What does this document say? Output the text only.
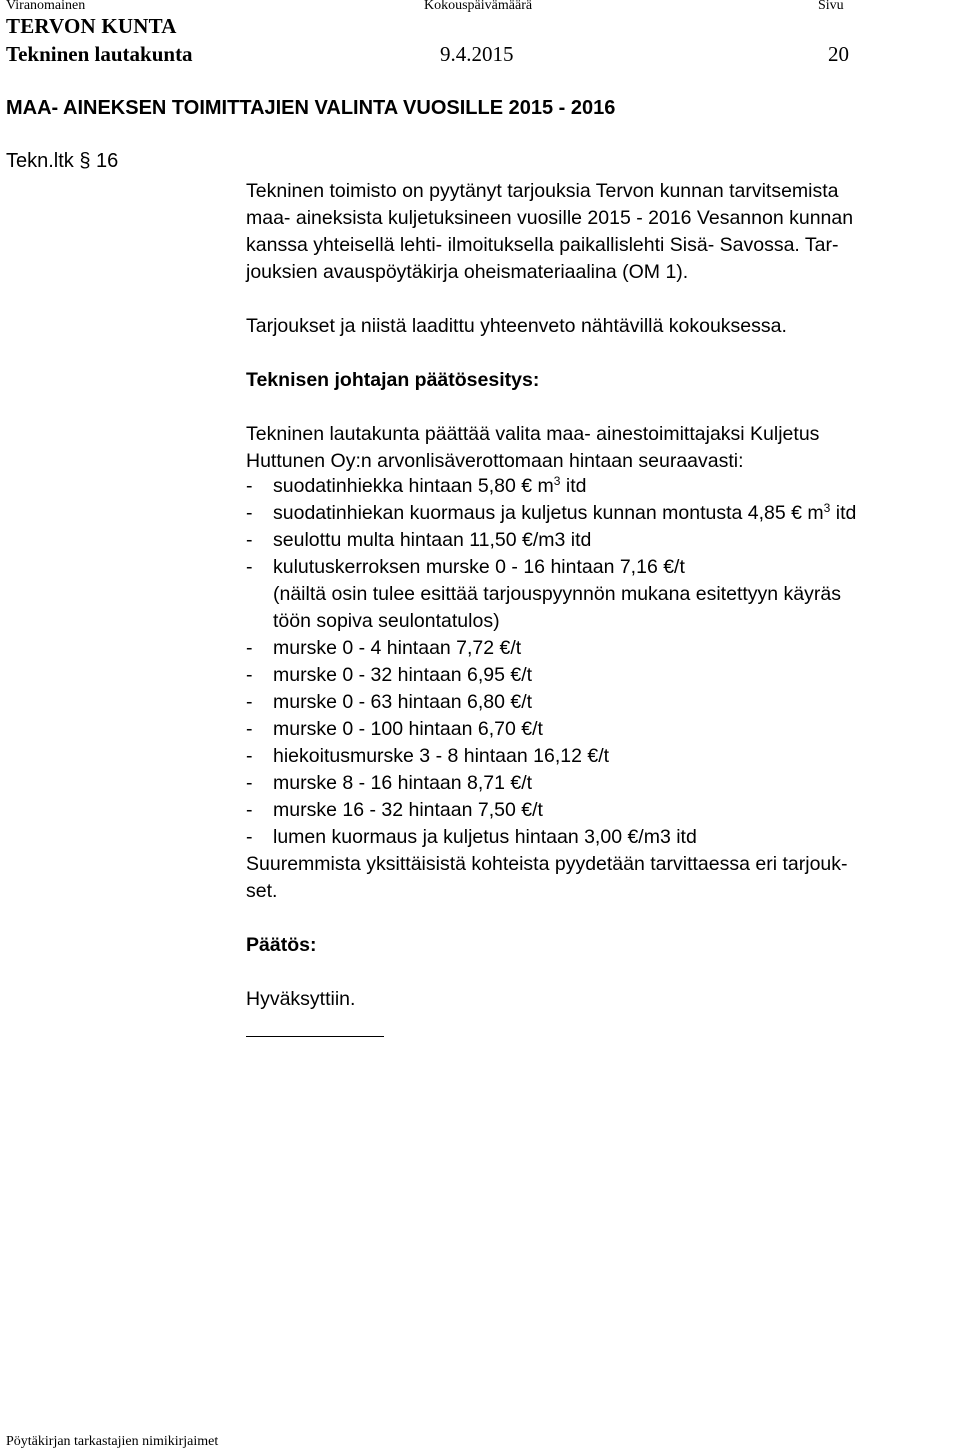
Viranomainen	Kokouspäivämäärä	Sivu
TERVON KUNTA
Tekninen lautakunta	9.4.2015	20
MAA- AINEKSEN TOIMITTAJIEN VALINTA VUOSILLE 2015 - 2016
Tekn.ltk § 16
Tekninen toimisto on pyytänyt tarjouksia Tervon kunnan tarvitsemista
maa- aineksista kuljetuksineen vuosille 2015 - 2016 Vesannon kunnan
kanssa yhteisellä lehti- ilmoituksella paikallislehti Sisä- Savossa. Tar-
jouksien avauspöytäkirja oheismateriaalina (OM 1).
Tarjoukset ja niistä laadittu yhteenveto nähtävillä kokouksessa.
Teknisen johtajan päätösesitys:
Tekninen lautakunta päättää valita maa- ainestoimittajaksi Kuljetus
Huttunen Oy:n arvonlisäverottomaan hintaan seuraavasti:
- suodatinhiekka hintaan 5,80 € $m^3$ itd
- suodatinhiekan kuormaus ja kuljetus kunnan montusta 4,85 € $m^3$ itd
- seulottu multa hintaan 11,50 €/m3 itd
- kulutuskerroksen murske 0 - 16 hintaan 7,16 €/t
(näiltä osin tulee esittää tarjouspyynnön mukana esitettyyn käyräs
töön sopiva seulontatulos)
- murske 0 - 4 hintaan 7,72 €/t
- murske 0 - 32 hintaan 6,95 €/t
- murske 0 - 63 hintaan 6,80 €/t
- murske 0 - 100 hintaan 6,70 €/t
- hiekoitusmurske 3 - 8 hintaan 16,12 €/t
- murske 8 - 16 hintaan 8,71 €/t
- murske 16 - 32 hintaan 7,50 €/t
- lumen kuormaus ja kuljetus hintaan 3,00 €/m3 itd
Suuremmista yksittäisistä kohteista pyydetään tarvittaessa eri tarjouk-
set.
Päätös:
Hyväksyttiin.
Pöytäkirjan tarkastajien nimikirjaimet
